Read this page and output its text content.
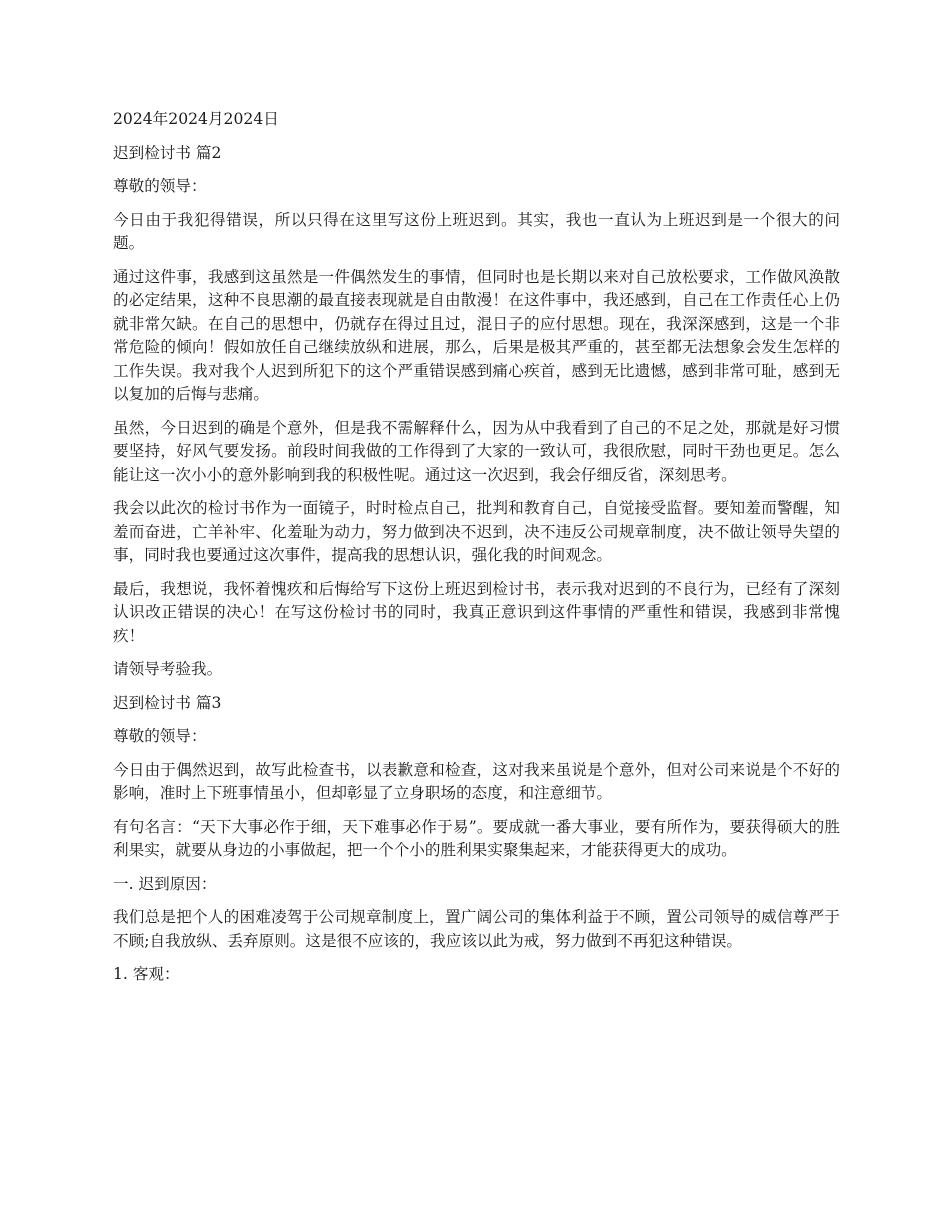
2024年2024月2024日

迟到检讨书 篇2

尊敬的领导：

今日由于我犯得错误，所以只得在这里写这份上班迟到。其实，我也一直认为上班迟到是一个很大的问题。

通过这件事，我感到这虽然是一件偶然发生的事情，但同时也是长期以来对自己放松要求，工作做风涣散的必定结果，这种不良思潮的最直接表现就是自由散漫！在这件事中，我还感到，自己在工作责任心上仍就非常欠缺。在自己的思想中，仍就存在得过且过，混日子的应付思想。现在，我深深感到，这是一个非常危险的倾向！假如放任自己继续放纵和进展，那么，后果是极其严重的，甚至都无法想象会发生怎样的工作失误。我对我个人迟到所犯下的这个严重错误感到痛心疾首，感到无比遗憾，感到非常可耻，感到无以复加的后悔与悲痛。

虽然，今日迟到的确是个意外，但是我不需解释什么，因为从中我看到了自己的不足之处，那就是好习惯要坚持，好风气要发扬。前段时间我做的工作得到了大家的一致认可，我很欣慰，同时干劲也更足。怎么能让这一次小小的意外影响到我的积极性呢。通过这一次迟到，我会仔细反省，深刻思考。

我会以此次的检讨书作为一面镜子，时时检点自己，批判和教育自己，自觉接受监督。要知羞而警醒，知羞而奋进，亡羊补牢、化羞耻为动力，努力做到决不迟到，决不违反公司规章制度，决不做让领导失望的事，同时我也要通过这次事件，提高我的思想认识，强化我的时间观念。

最后，我想说，我怀着愧疚和后悔给写下这份上班迟到检讨书，表示我对迟到的不良行为，已经有了深刻认识改正错误的决心！在写这份检讨书的同时，我真正意识到这件事情的严重性和错误，我感到非常愧疚！

请领导考验我。

迟到检讨书 篇3

尊敬的领导：

今日由于偶然迟到，故写此检查书，以表歉意和检查，这对我来虽说是个意外，但对公司来说是个不好的影响，准时上下班事情虽小，但却彰显了立身职场的态度，和注意细节。

有句名言：“天下大事必作于细，天下难事必作于易”。要成就一番大事业，要有所作为，要获得硕大的胜利果实，就要从身边的小事做起，把一个个小的胜利果实聚集起来，才能获得更大的成功。

一. 迟到原因：

我们总是把个人的困难凌驾于公司规章制度上，置广阔公司的集体利益于不顾，置公司领导的威信尊严于不顾;自我放纵、丢弃原则。这是很不应该的，我应该以此为戒，努力做到不再犯这种错误。

1. 客观：
